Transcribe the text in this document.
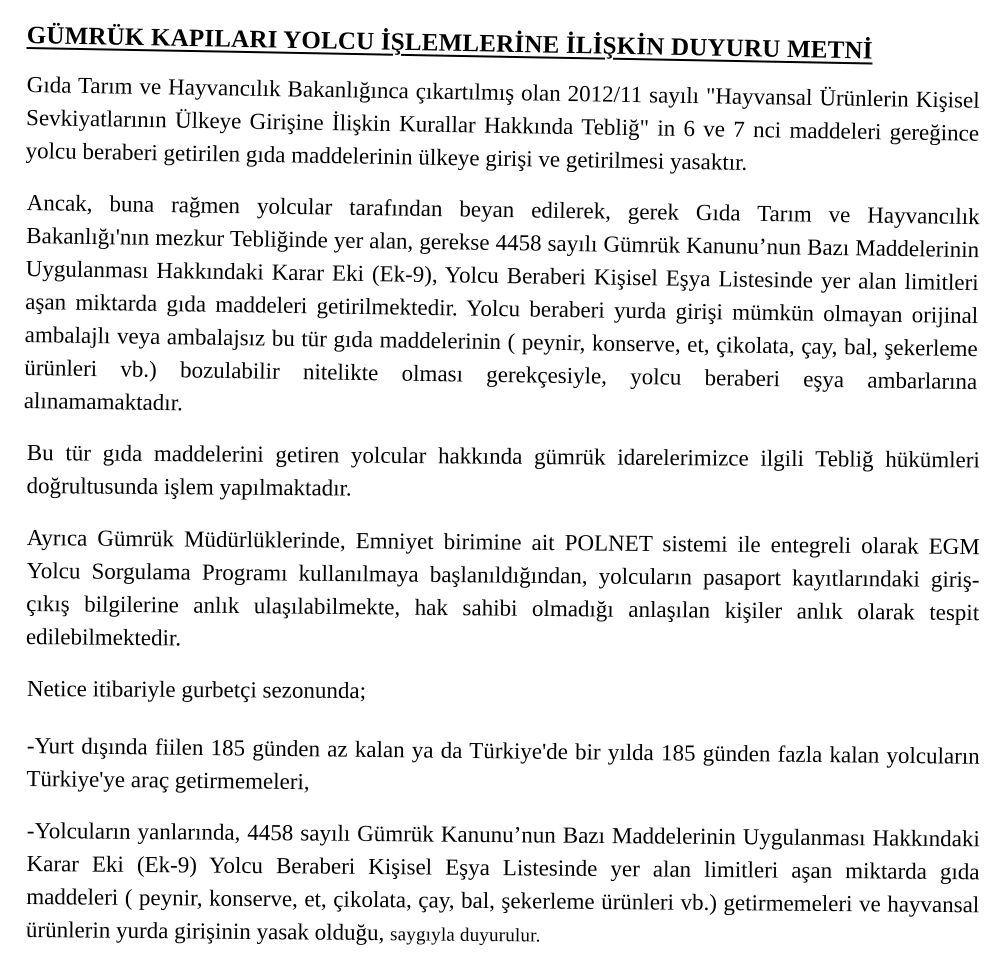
GÜMRÜK KAPILARI YOLCU İŞLEMLERİNE İLİŞKİN DUYURU METNİ

Gıda Tarım ve Hayvancılık Bakanlığınca çıkartılmış olan 2012/11 sayılı "Hayvansal Ürünlerin Kişisel Sevkiyatlarının Ülkeye Girişine İlişkin Kurallar Hakkında Tebliğ" in 6 ve 7 nci maddeleri gereğince yolcu beraberi getirilen gıda maddelerinin ülkeye girişi ve getirilmesi yasaktır.

Ancak, buna rağmen yolcular tarafından beyan edilerek, gerek Gıda Tarım ve Hayvancılık Bakanlığı'nın mezkur Tebliğinde yer alan, gerekse 4458 sayılı Gümrük Kanunu’nun Bazı Maddelerinin Uygulanması Hakkındaki Karar Eki (Ek-9), Yolcu Beraberi Kişisel Eşya Listesinde yer alan limitleri aşan miktarda gıda maddeleri getirilmektedir. Yolcu beraberi yurda girişi mümkün olmayan orijinal ambalajlı veya ambalajsız bu tür gıda maddelerinin ( peynir, konserve, et, çikolata, çay, bal, şekerleme ürünleri vb.) bozulabilir nitelikte olması gerekçesiyle, yolcu beraberi eşya ambarlarına alınamamaktadır.

Bu tür gıda maddelerini getiren yolcular hakkında gümrük idarelerimizce ilgili Tebliğ hükümleri doğrultusunda işlem yapılmaktadır.

Ayrıca Gümrük Müdürlüklerinde, Emniyet birimine ait POLNET sistemi ile entegreli olarak EGM Yolcu Sorgulama Programı kullanılmaya başlanıldığından, yolcuların pasaport kayıtlarındaki giriş-çıkış bilgilerine anlık ulaşılabilmekte, hak sahibi olmadığı anlaşılan kişiler anlık olarak tespit edilebilmektedir.

Netice itibariyle gurbetçi sezonunda;

-Yurt dışında fiilen 185 günden az kalan ya da Türkiye'de bir yılda 185 günden fazla kalan yolcuların Türkiye'ye araç getirmemeleri,

-Yolcuların yanlarında, 4458 sayılı Gümrük Kanunu’nun Bazı Maddelerinin Uygulanması Hakkındaki Karar Eki (Ek-9) Yolcu Beraberi Kişisel Eşya Listesinde yer alan limitleri aşan miktarda gıda maddeleri ( peynir, konserve, et, çikolata, çay, bal, şekerleme ürünleri vb.) getirmemeleri ve hayvansal ürünlerin yurda girişinin yasak olduğu, saygıyla duyurulur.
